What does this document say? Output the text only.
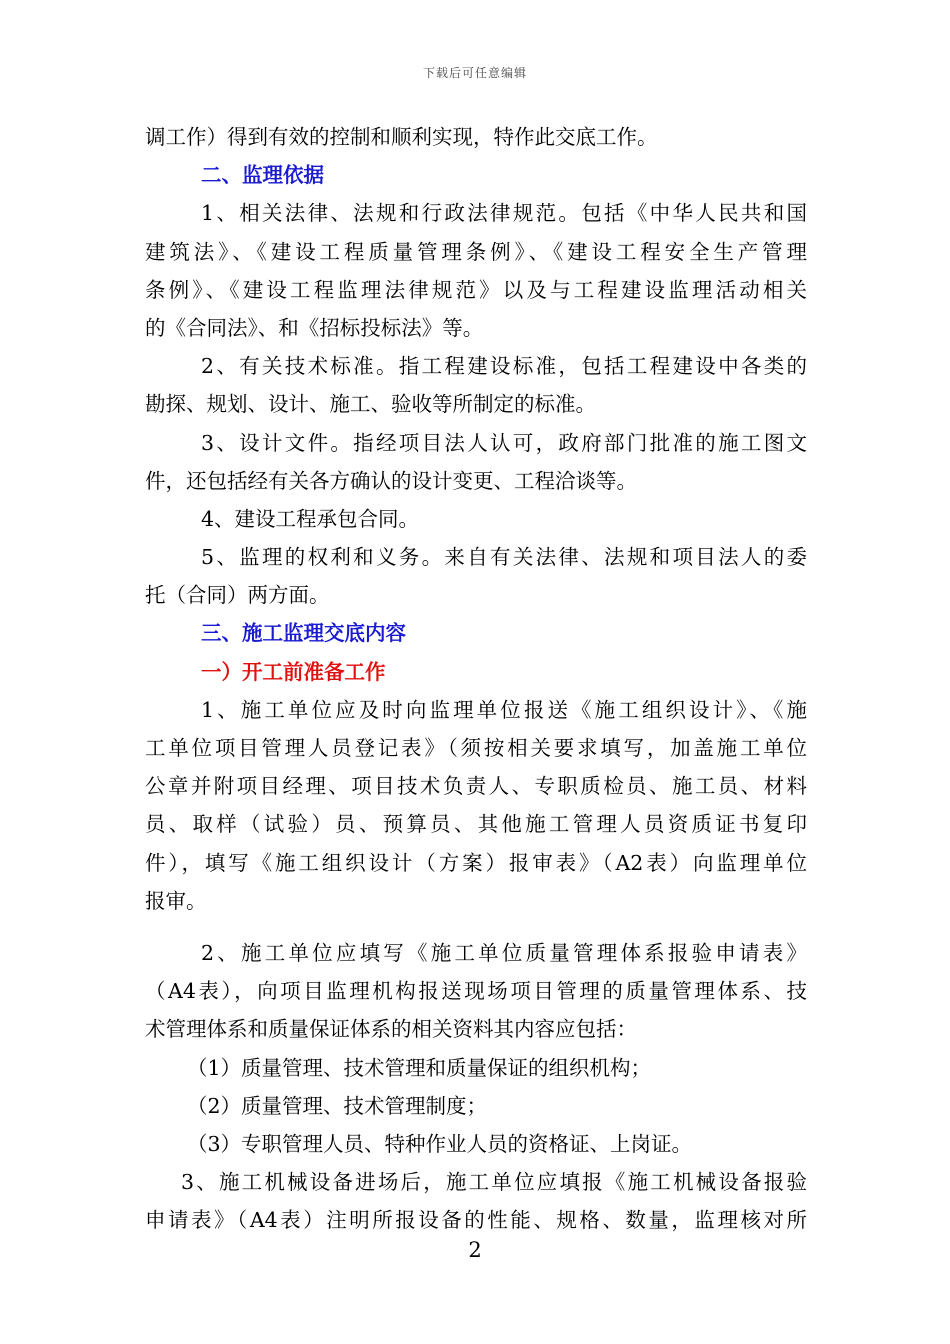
下载后可任意编辑
调工作）得到有效的控制和顺利实现，特作此交底工作。
二、监理依据
1、相关法律、法规和行政法律规范。包括《中华人民共和国
建筑法》、《建设工程质量管理条例》、《建设工程安全生产管理
条例》、《建设工程监理法律规范》以及与工程建设监理活动相关
的《合同法》、和《招标投标法》等。
2、有关技术标准。指工程建设标准，包括工程建设中各类的
勘探、规划、设计、施工、验收等所制定的标准。
3、设计文件。指经项目法人认可，政府部门批准的施工图文
件，还包括经有关各方确认的设计变更、工程洽谈等。
4、建设工程承包合同。
5、监理的权利和义务。来自有关法律、法规和项目法人的委
托（合同）两方面。
三、施工监理交底内容
一）开工前准备工作
1、施工单位应及时向监理单位报送《施工组织设计》、《施
工单位项目管理人员登记表》（须按相关要求填写，加盖施工单位
公章并附项目经理、项目技术负责人、专职质检员、施工员、材料
员、取样（试验）员、预算员、其他施工管理人员资质证书复印
件），填写《施工组织设计（方案）报审表》（A2表）向监理单位
报审。
2、施工单位应填写《施工单位质量管理体系报验申请表》
（A4表），向项目监理机构报送现场项目管理的质量管理体系、技
术管理体系和质量保证体系的相关资料其内容应包括：
（1）质量管理、技术管理和质量保证的组织机构；
（2）质量管理、技术管理制度；
（3）专职管理人员、特种作业人员的资格证、上岗证。
3、施工机械设备进场后，施工单位应填报《施工机械设备报验
申请表》（A4表）注明所报设备的性能、规格、数量，监理核对所
2
